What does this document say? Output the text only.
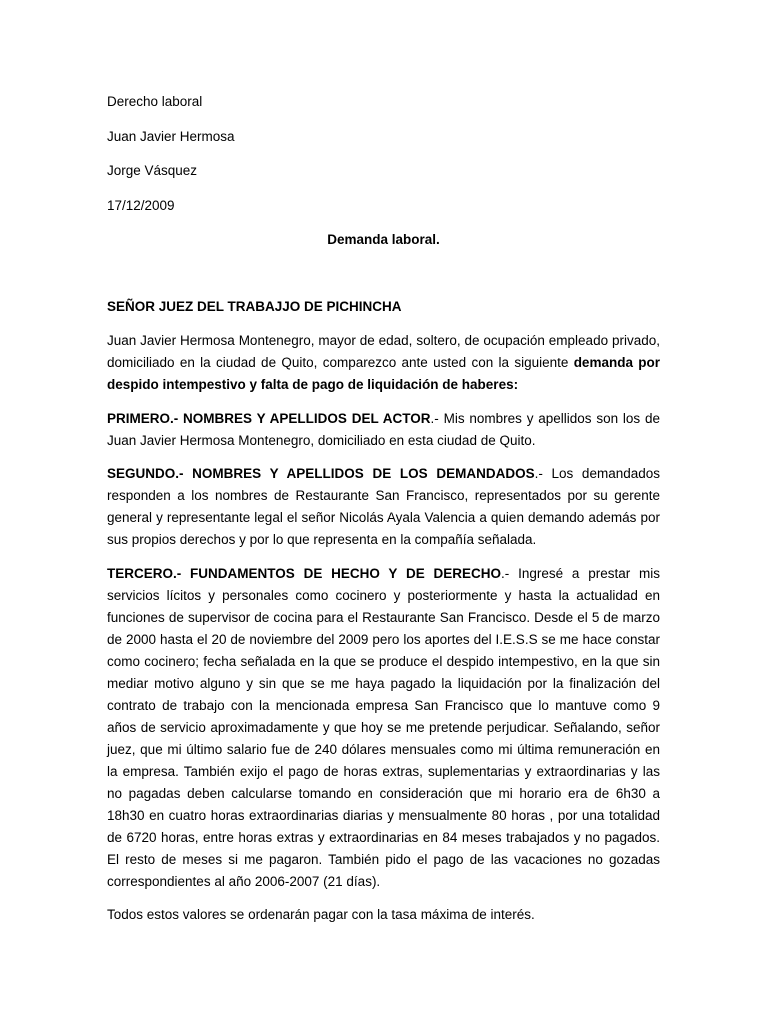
Derecho laboral
Juan Javier Hermosa
Jorge Vásquez
17/12/2009
Demanda laboral.
SEÑOR JUEZ DEL TRABAJJO DE PICHINCHA

Juan Javier Hermosa Montenegro, mayor de edad, soltero, de ocupación empleado privado, domiciliado en la ciudad de Quito, comparezco ante usted con la siguiente demanda por despido intempestivo y falta de pago de liquidación de haberes:

PRIMERO.- NOMBRES Y APELLIDOS DEL ACTOR.- Mis nombres y apellidos son los de Juan Javier Hermosa Montenegro, domiciliado en esta ciudad de Quito.

SEGUNDO.- NOMBRES Y APELLIDOS DE LOS DEMANDADOS.- Los demandados responden a los nombres de Restaurante San Francisco, representados por su gerente general y representante legal el señor Nicolás Ayala Valencia a quien demando además por sus propios derechos y por lo que representa en la compañía señalada.

TERCERO.- FUNDAMENTOS DE HECHO Y DE DERECHO.- Ingresé a prestar mis servicios lícitos y personales como cocinero y posteriormente y hasta la actualidad en funciones de supervisor de cocina para el Restaurante San Francisco. Desde el 5 de marzo de 2000 hasta el 20 de noviembre del 2009 pero los aportes del I.E.S.S se me hace constar como cocinero; fecha señalada en la que se produce el despido intempestivo, en la que sin mediar motivo alguno y sin que se me haya pagado la liquidación por la finalización del contrato de trabajo con la mencionada empresa San Francisco que lo mantuve como 9 años de servicio aproximadamente y que hoy se me pretende perjudicar. Señalando, señor juez, que mi último salario fue de 240 dólares mensuales como mi última remuneración en la empresa. También exijo el pago de horas extras, suplementarias y extraordinarias y las no pagadas deben calcularse tomando en consideración que mi horario era de 6h30 a 18h30 en cuatro horas extraordinarias diarias y mensualmente 80 horas , por una totalidad de 6720 horas, entre horas extras y extraordinarias en 84 meses trabajados y no pagados. El resto de meses si me pagaron. También pido el pago de las vacaciones no gozadas correspondientes al año 2006-2007 (21 días).

Todos estos valores se ordenarán pagar con la tasa máxima de interés.
